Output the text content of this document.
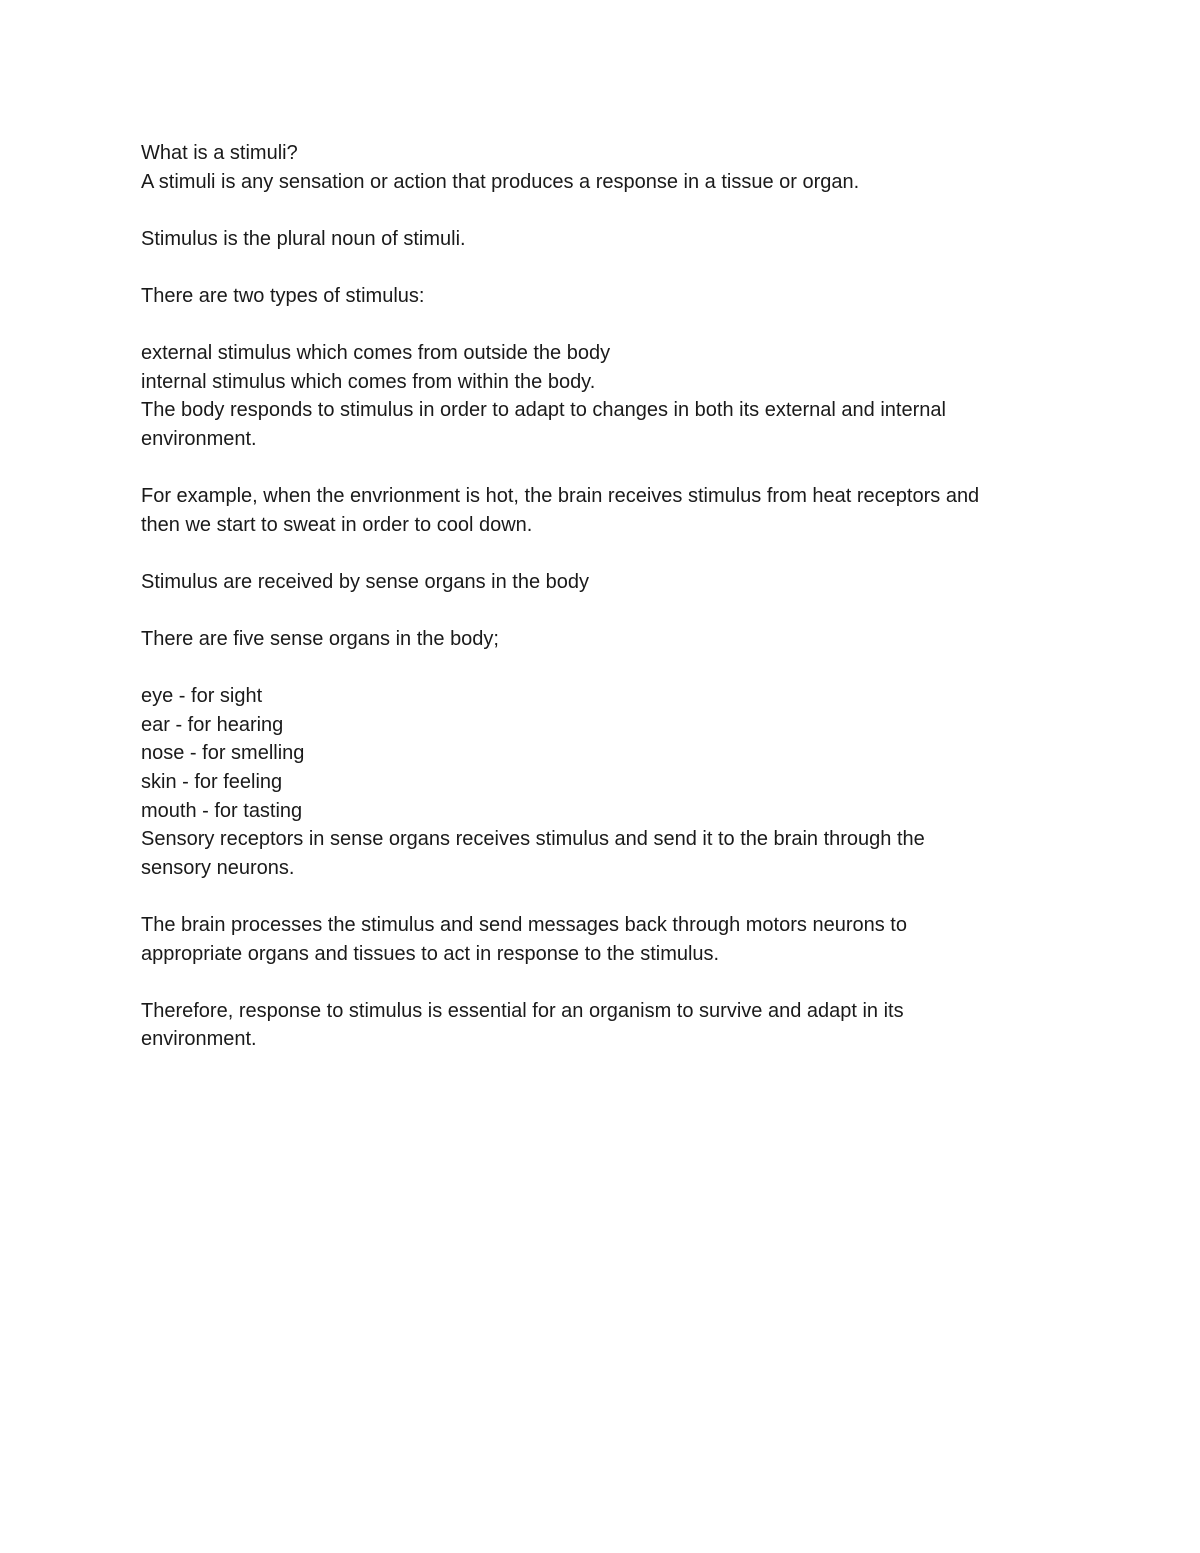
What is a stimuli?
A stimuli is any sensation or action that produces a response in a tissue or organ.
Stimulus is the plural noun of stimuli.
There are two types of stimulus:
external stimulus which comes from outside the body
internal stimulus which comes from within the body.
The body responds to stimulus in order to adapt to changes in both its external and internal
environment.
For example, when the envrionment is hot, the brain receives stimulus from heat receptors and
then we start to sweat in order to cool down.
Stimulus are received by sense organs in the body
There are five sense organs in the body;
eye - for sight
ear - for hearing
nose - for smelling
skin - for feeling
mouth - for tasting
Sensory receptors in sense organs receives stimulus and send it to the brain through the
sensory neurons.
The brain processes the stimulus and send messages back through motors neurons to
appropriate organs and tissues to act in response to the stimulus.
Therefore, response to stimulus is essential for an organism to survive and adapt in its
environment.
